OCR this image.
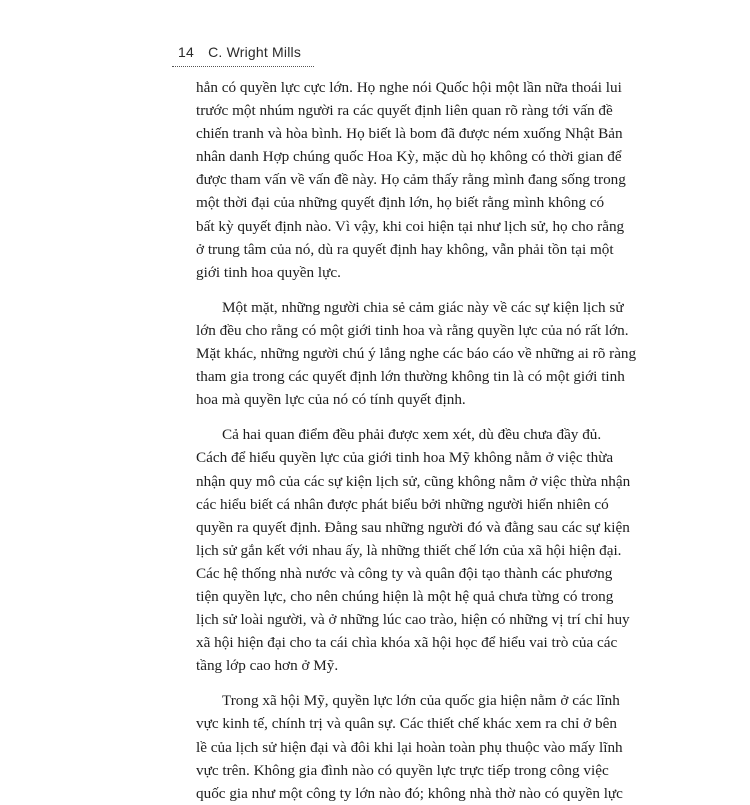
14 C. Wright Mills
hẳn có quyền lực cực lớn. Họ nghe nói Quốc hội một lần nữa thoái lui
trước một nhúm người ra các quyết định liên quan rõ ràng tới vấn đề
chiến tranh và hòa bình. Họ biết là bom đã được ném xuống Nhật Bản
nhân danh Hợp chúng quốc Hoa Kỳ, mặc dù họ không có thời gian để
được tham vấn về vấn đề này. Họ cảm thấy rằng mình đang sống trong
một thời đại của những quyết định lớn, họ biết rằng mình không có
bất kỳ quyết định nào. Vì vậy, khi coi hiện tại như lịch sử, họ cho rằng
ở trung tâm của nó, dù ra quyết định hay không, vẫn phải tồn tại một
giới tinh hoa quyền lực.
Một mặt, những người chia sẻ cảm giác này về các sự kiện lịch sử
lớn đều cho rằng có một giới tinh hoa và rằng quyền lực của nó rất lớn.
Mặt khác, những người chú ý lắng nghe các báo cáo về những ai rõ ràng
tham gia trong các quyết định lớn thường không tin là có một giới tinh
hoa mà quyền lực của nó có tính quyết định.
Cả hai quan điểm đều phải được xem xét, dù đều chưa đầy đủ.
Cách để hiểu quyền lực của giới tinh hoa Mỹ không nằm ở việc thừa
nhận quy mô của các sự kiện lịch sử, cũng không nằm ở việc thừa nhận
các hiểu biết cá nhân được phát biểu bởi những người hiển nhiên có
quyền ra quyết định. Đằng sau những người đó và đằng sau các sự kiện
lịch sử gắn kết với nhau ấy, là những thiết chế lớn của xã hội hiện đại.
Các hệ thống nhà nước và công ty và quân đội tạo thành các phương
tiện quyền lực, cho nên chúng hiện là một hệ quả chưa từng có trong
lịch sử loài người, và ở những lúc cao trào, hiện có những vị trí chỉ huy
xã hội hiện đại cho ta cái chìa khóa xã hội học để hiểu vai trò của các
tầng lớp cao hơn ở Mỹ.
Trong xã hội Mỹ, quyền lực lớn của quốc gia hiện nằm ở các lĩnh
vực kinh tế, chính trị và quân sự. Các thiết chế khác xem ra chỉ ở bên
lề của lịch sử hiện đại và đôi khi lại hoàn toàn phụ thuộc vào mấy lĩnh
vực trên. Không gia đình nào có quyền lực trực tiếp trong công việc
quốc gia như một công ty lớn nào đó; không nhà thờ nào có quyền lực
